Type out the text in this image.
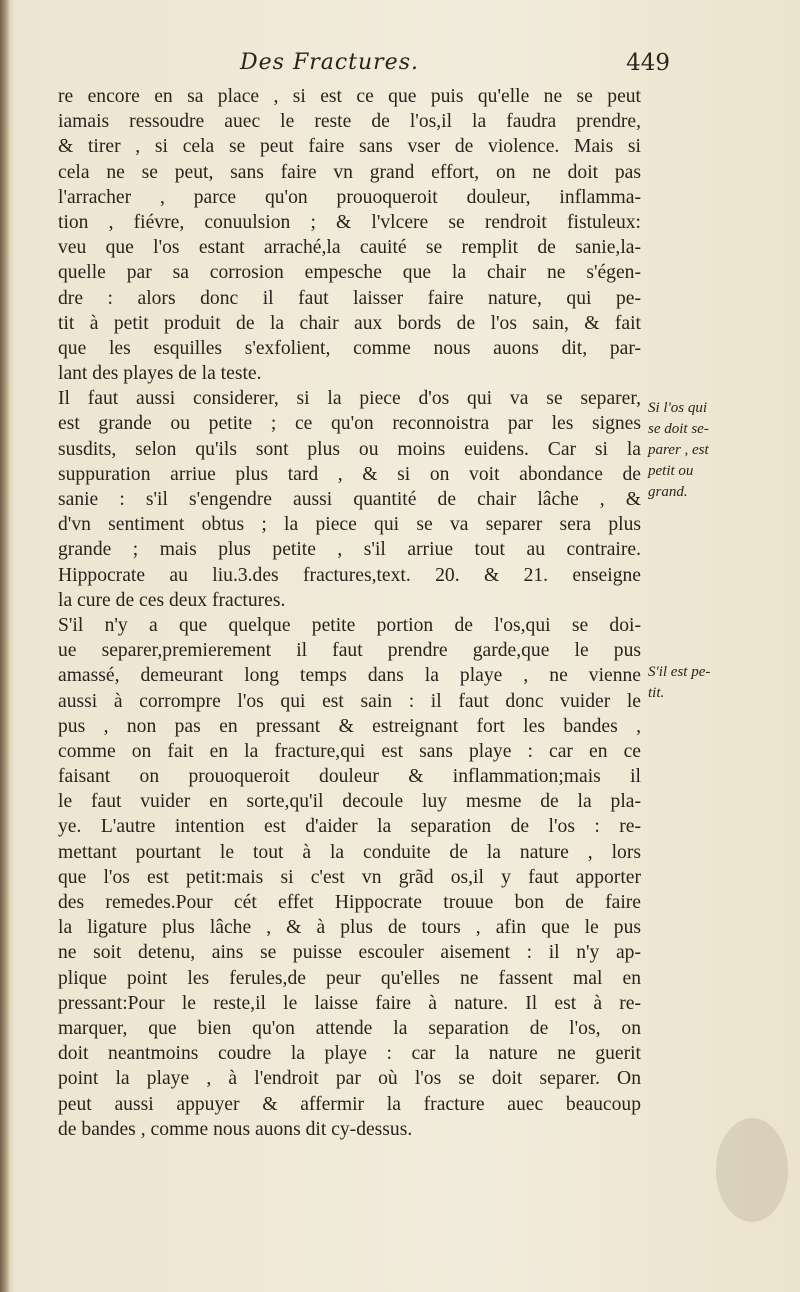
Des Fractures.	449
re encore en sa place , si est ce que puis qu'elle ne se peut
iamais ressoudre auec le reste de l'os,il la faudra prendre,
& tirer , si cela se peut faire sans vser de violence. Mais si
cela ne se peut, sans faire vn grand effort, on ne doit pas
l'arracher , parce qu'on prouoqueroit douleur, inflamma-
tion , fiévre, conuulsion ; & l'vlcere se rendroit fistuleux:
veu que l'os estant arraché,la cauité se remplit de sanie,la-
quelle par sa corrosion empesche que la chair ne s'égen-
dre : alors donc il faut laisser faire nature, qui pe-
tit à petit produit de la chair aux bords de l'os sain, & fait
que les esquilles s'exfolient, comme nous auons dit, par-
lant des playes de la teste.
Il faut aussi considerer, si la piece d'os qui va se separer,
est grande ou petite ; ce qu'on reconnoistra par les signes
susdits, selon qu'ils sont plus ou moins euidens. Car si la
suppuration arriue plus tard , & si on voit abondance de
sanie : s'il s'engendre aussi quantité de chair lâche , &
d'vn sentiment obtus ; la piece qui se va separer sera plus
grande ; mais plus petite , s'il arriue tout au contraire.
Hippocrate au liu.3.des fractures,text. 20. & 21. enseigne
la cure de ces deux fractures.
S'il n'y a que quelque petite portion de l'os,qui se doi-
ue separer,premierement il faut prendre garde,que le pus
amassé, demeurant long temps dans la playe , ne vienne
aussi à corrompre l'os qui est sain : il faut donc vuider le
pus , non pas en pressant & estreignant fort les bandes ,
comme on fait en la fracture,qui est sans playe : car en ce
faisant on prouoqueroit douleur & inflammation;mais il
le faut vuider en sorte,qu'il decoule luy mesme de la pla-
ye. L'autre intention est d'aider la separation de l'os : re-
mettant pourtant le tout à la conduite de la nature , lors
que l'os est petit:mais si c'est vn grãd os,il y faut apporter
des remedes.Pour cét effet Hippocrate trouue bon de faire
la ligature plus lâche , & à plus de tours , afin que le pus
ne soit detenu, ains se puisse escouler aisement : il n'y ap-
plique point les ferules,de peur qu'elles ne fassent mal en
pressant:Pour le reste,il le laisse faire à nature. Il est à re-
marquer, que bien qu'on attende la separation de l'os, on
doit neantmoins coudre la playe : car la nature ne guerit
point la playe , à l'endroit par où l'os se doit separer. On
peut aussi appuyer & affermir la fracture auec beaucoup
de bandes , comme nous auons dit cy-dessus.
Si l'os qui
se doit se-
parer , est
petit ou
grand.
S'il est pe-
tit.
